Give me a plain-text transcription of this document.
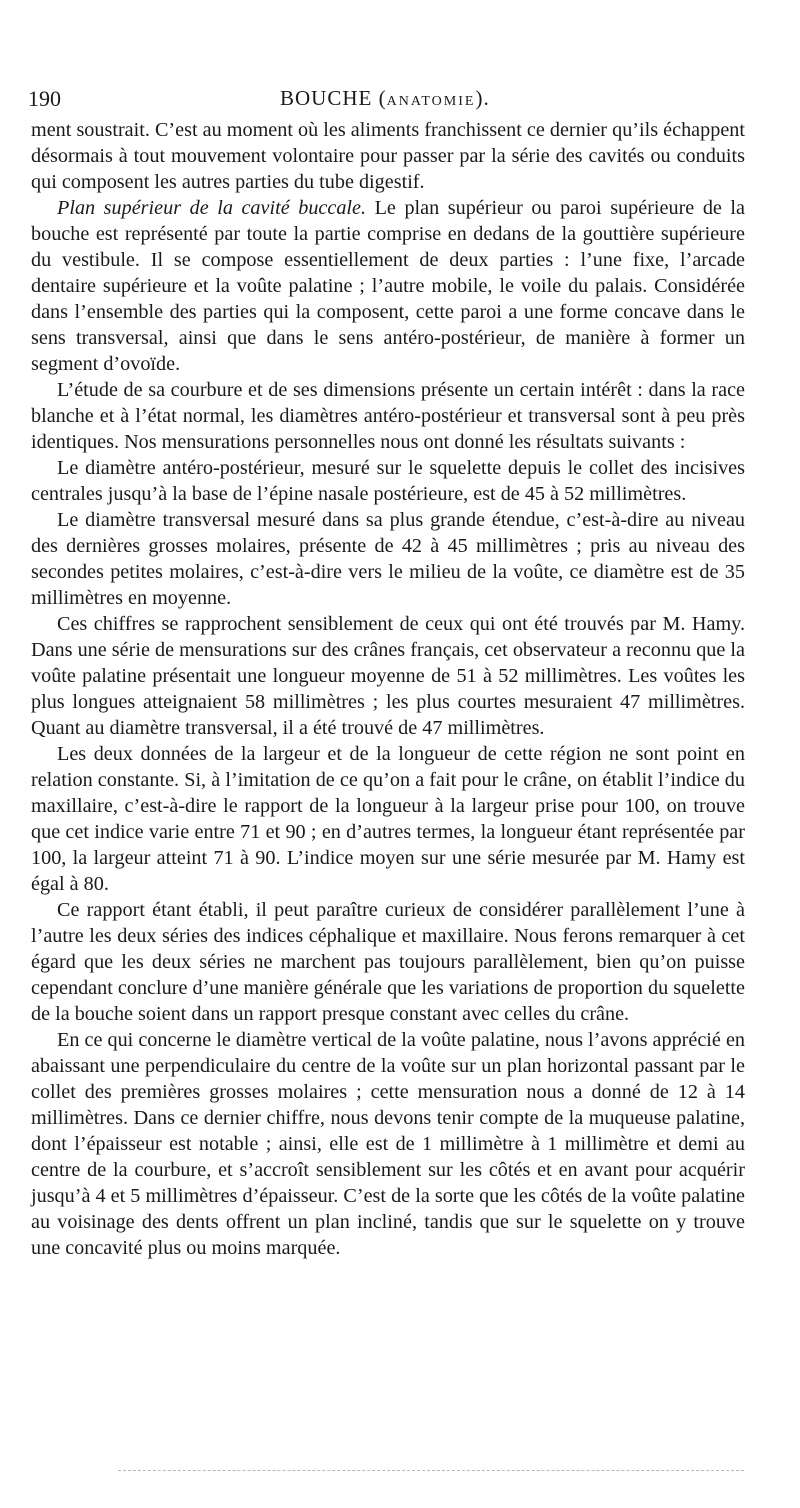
190	BOUCHE (ANATOMIE).

ment soustrait. C’est au moment où les aliments franchissent ce dernier qu’ils échappent désormais à tout mouvement volontaire pour passer par la série des cavités ou conduits qui composent les autres parties du tube digestif.

Plan supérieur de la cavité buccale. Le plan supérieur ou paroi supérieure de la bouche est représenté par toute la partie comprise en dedans de la gouttière supérieure du vestibule. Il se compose essentiellement de deux parties : l’une fixe, l’arcade dentaire supérieure et la voûte palatine ; l’autre mobile, le voile du palais. Considérée dans l’ensemble des parties qui la composent, cette paroi a une forme concave dans le sens transversal, ainsi que dans le sens antéro-postérieur, de manière à former un segment d’ovoïde.

L’étude de sa courbure et de ses dimensions présente un certain intérêt : dans la race blanche et à l’état normal, les diamètres antéro-postérieur et transversal sont à peu près identiques. Nos mensurations personnelles nous ont donné les résultats suivants :

Le diamètre antéro-postérieur, mesuré sur le squelette depuis le collet des incisives centrales jusqu’à la base de l’épine nasale postérieure, est de 45 à 52 millimètres.

Le diamètre transversal mesuré dans sa plus grande étendue, c’est-à-dire au niveau des dernières grosses molaires, présente de 42 à 45 millimètres ; pris au niveau des secondes petites molaires, c’est-à-dire vers le milieu de la voûte, ce diamètre est de 35 millimètres en moyenne.

Ces chiffres se rapprochent sensiblement de ceux qui ont été trouvés par M. Hamy. Dans une série de mensurations sur des crânes français, cet observateur a reconnu que la voûte palatine présentait une longueur moyenne de 51 à 52 millimètres. Les voûtes les plus longues atteignaient 58 millimètres ; les plus courtes mesuraient 47 millimètres. Quant au diamètre transversal, il a été trouvé de 47 millimètres.

Les deux données de la largeur et de la longueur de cette région ne sont point en relation constante. Si, à l’imitation de ce qu’on a fait pour le crâne, on établit l’indice du maxillaire, c’est-à-dire le rapport de la longueur à la largeur prise pour 100, on trouve que cet indice varie entre 71 et 90 ; en d’autres termes, la longueur étant représentée par 100, la largeur atteint 71 à 90. L’indice moyen sur une série mesurée par M. Hamy est égal à 80.

Ce rapport étant établi, il peut paraître curieux de considérer parallèlement l’une à l’autre les deux séries des indices céphalique et maxillaire. Nous ferons remarquer à cet égard que les deux séries ne marchent pas toujours parallèlement, bien qu’on puisse cependant conclure d’une manière générale que les variations de proportion du squelette de la bouche soient dans un rapport presque constant avec celles du crâne.

En ce qui concerne le diamètre vertical de la voûte palatine, nous l’avons apprécié en abaissant une perpendiculaire du centre de la voûte sur un plan horizontal passant par le collet des premières grosses molaires ; cette mensuration nous a donné de 12 à 14 millimètres. Dans ce dernier chiffre, nous devons tenir compte de la muqueuse palatine, dont l’épaisseur est notable ; ainsi, elle est de 1 millimètre à 1 millimètre et demi au centre de la courbure, et s’accroît sensiblement sur les côtés et en avant pour acquérir jusqu’à 4 et 5 millimètres d’épaisseur. C’est de la sorte que les côtés de la voûte palatine au voisinage des dents offrent un plan incliné, tandis que sur le squelette on y trouve une concavité plus ou moins marquée.
